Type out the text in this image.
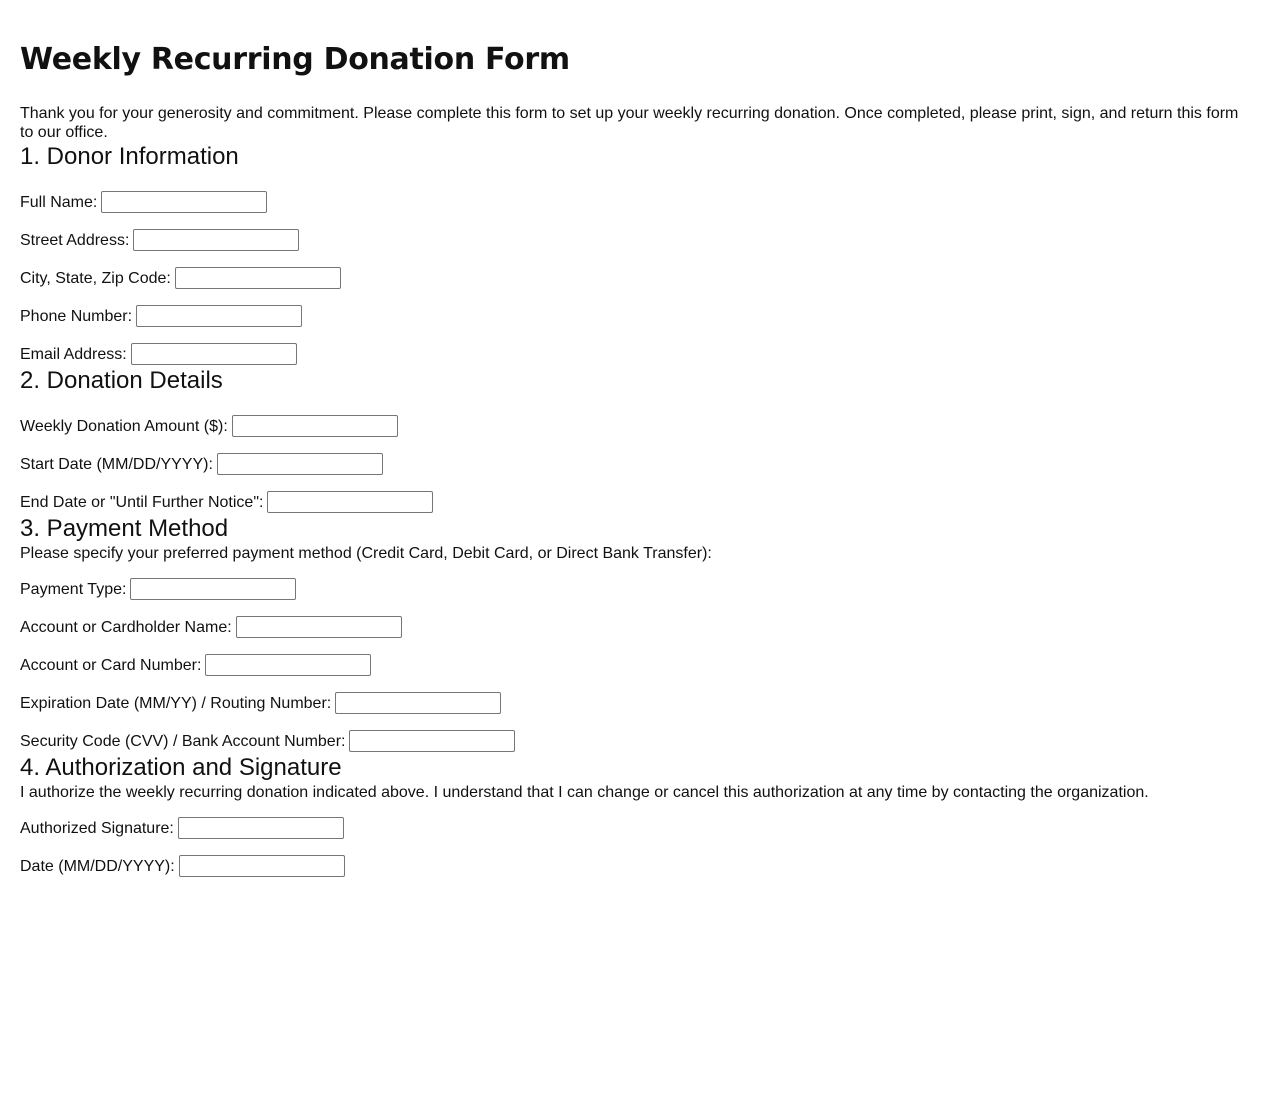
Weekly Recurring Donation Form

Thank you for your generosity and commitment. Please complete this form to set up your weekly recurring donation. Once completed, please print, sign, and return this form to our office.

1. Donor Information
Full Name:
Street Address:
City, State, Zip Code:
Phone Number:
Email Address:
2. Donation Details
Weekly Donation Amount ($):
Start Date (MM/DD/YYYY):
End Date or "Until Further Notice":
3. Payment Method

Please specify your preferred payment method (Credit Card, Debit Card, or Direct Bank Transfer):

Payment Type:
Account or Cardholder Name:
Account or Card Number:
Expiration Date (MM/YY) / Routing Number:
Security Code (CVV) / Bank Account Number:
4. Authorization and Signature

I authorize the weekly recurring donation indicated above. I understand that I can change or cancel this authorization at any time by contacting the organization.

Authorized Signature:
Date (MM/DD/YYYY):
